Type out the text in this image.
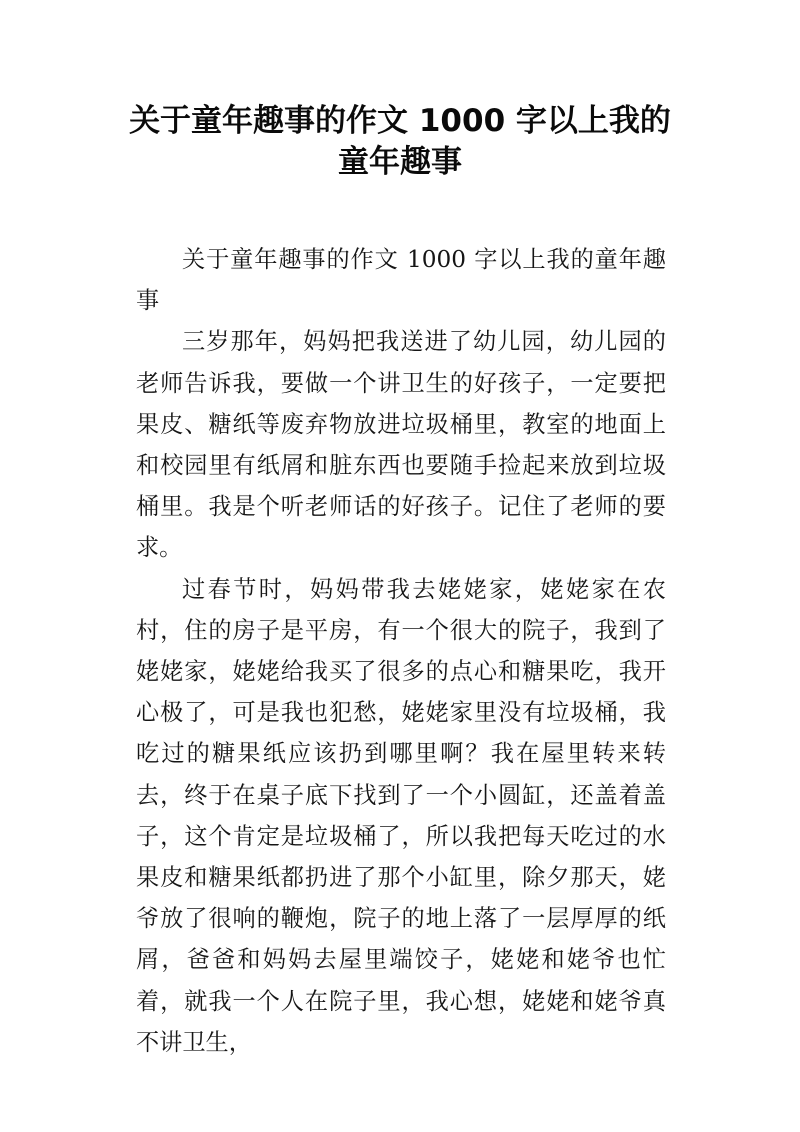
关于童年趣事的作文 1000 字以上我的
童年趣事

关于童年趣事的作文 1000 字以上我的童年趣事

三岁那年，妈妈把我送进了幼儿园，幼儿园的老师告诉我，要做一个讲卫生的好孩子，一定要把果皮、糖纸等废弃物放进垃圾桶里，教室的地面上和校园里有纸屑和脏东西也要随手捡起来放到垃圾桶里。我是个听老师话的好孩子。记住了老师的要求。

过春节时，妈妈带我去姥姥家，姥姥家在农村，住的房子是平房，有一个很大的院子，我到了姥姥家，姥姥给我买了很多的点心和糖果吃，我开心极了，可是我也犯愁，姥姥家里没有垃圾桶，我吃过的糖果纸应该扔到哪里啊？我在屋里转来转去，终于在桌子底下找到了一个小圆缸，还盖着盖子，这个肯定是垃圾桶了，所以我把每天吃过的水果皮和糖果纸都扔进了那个小缸里，除夕那天，姥爷放了很响的鞭炮，院子的地上落了一层厚厚的纸屑，爸爸和妈妈去屋里端饺子，姥姥和姥爷也忙着，就我一个人在院子里，我心想，姥姥和姥爷真不讲卫生，
